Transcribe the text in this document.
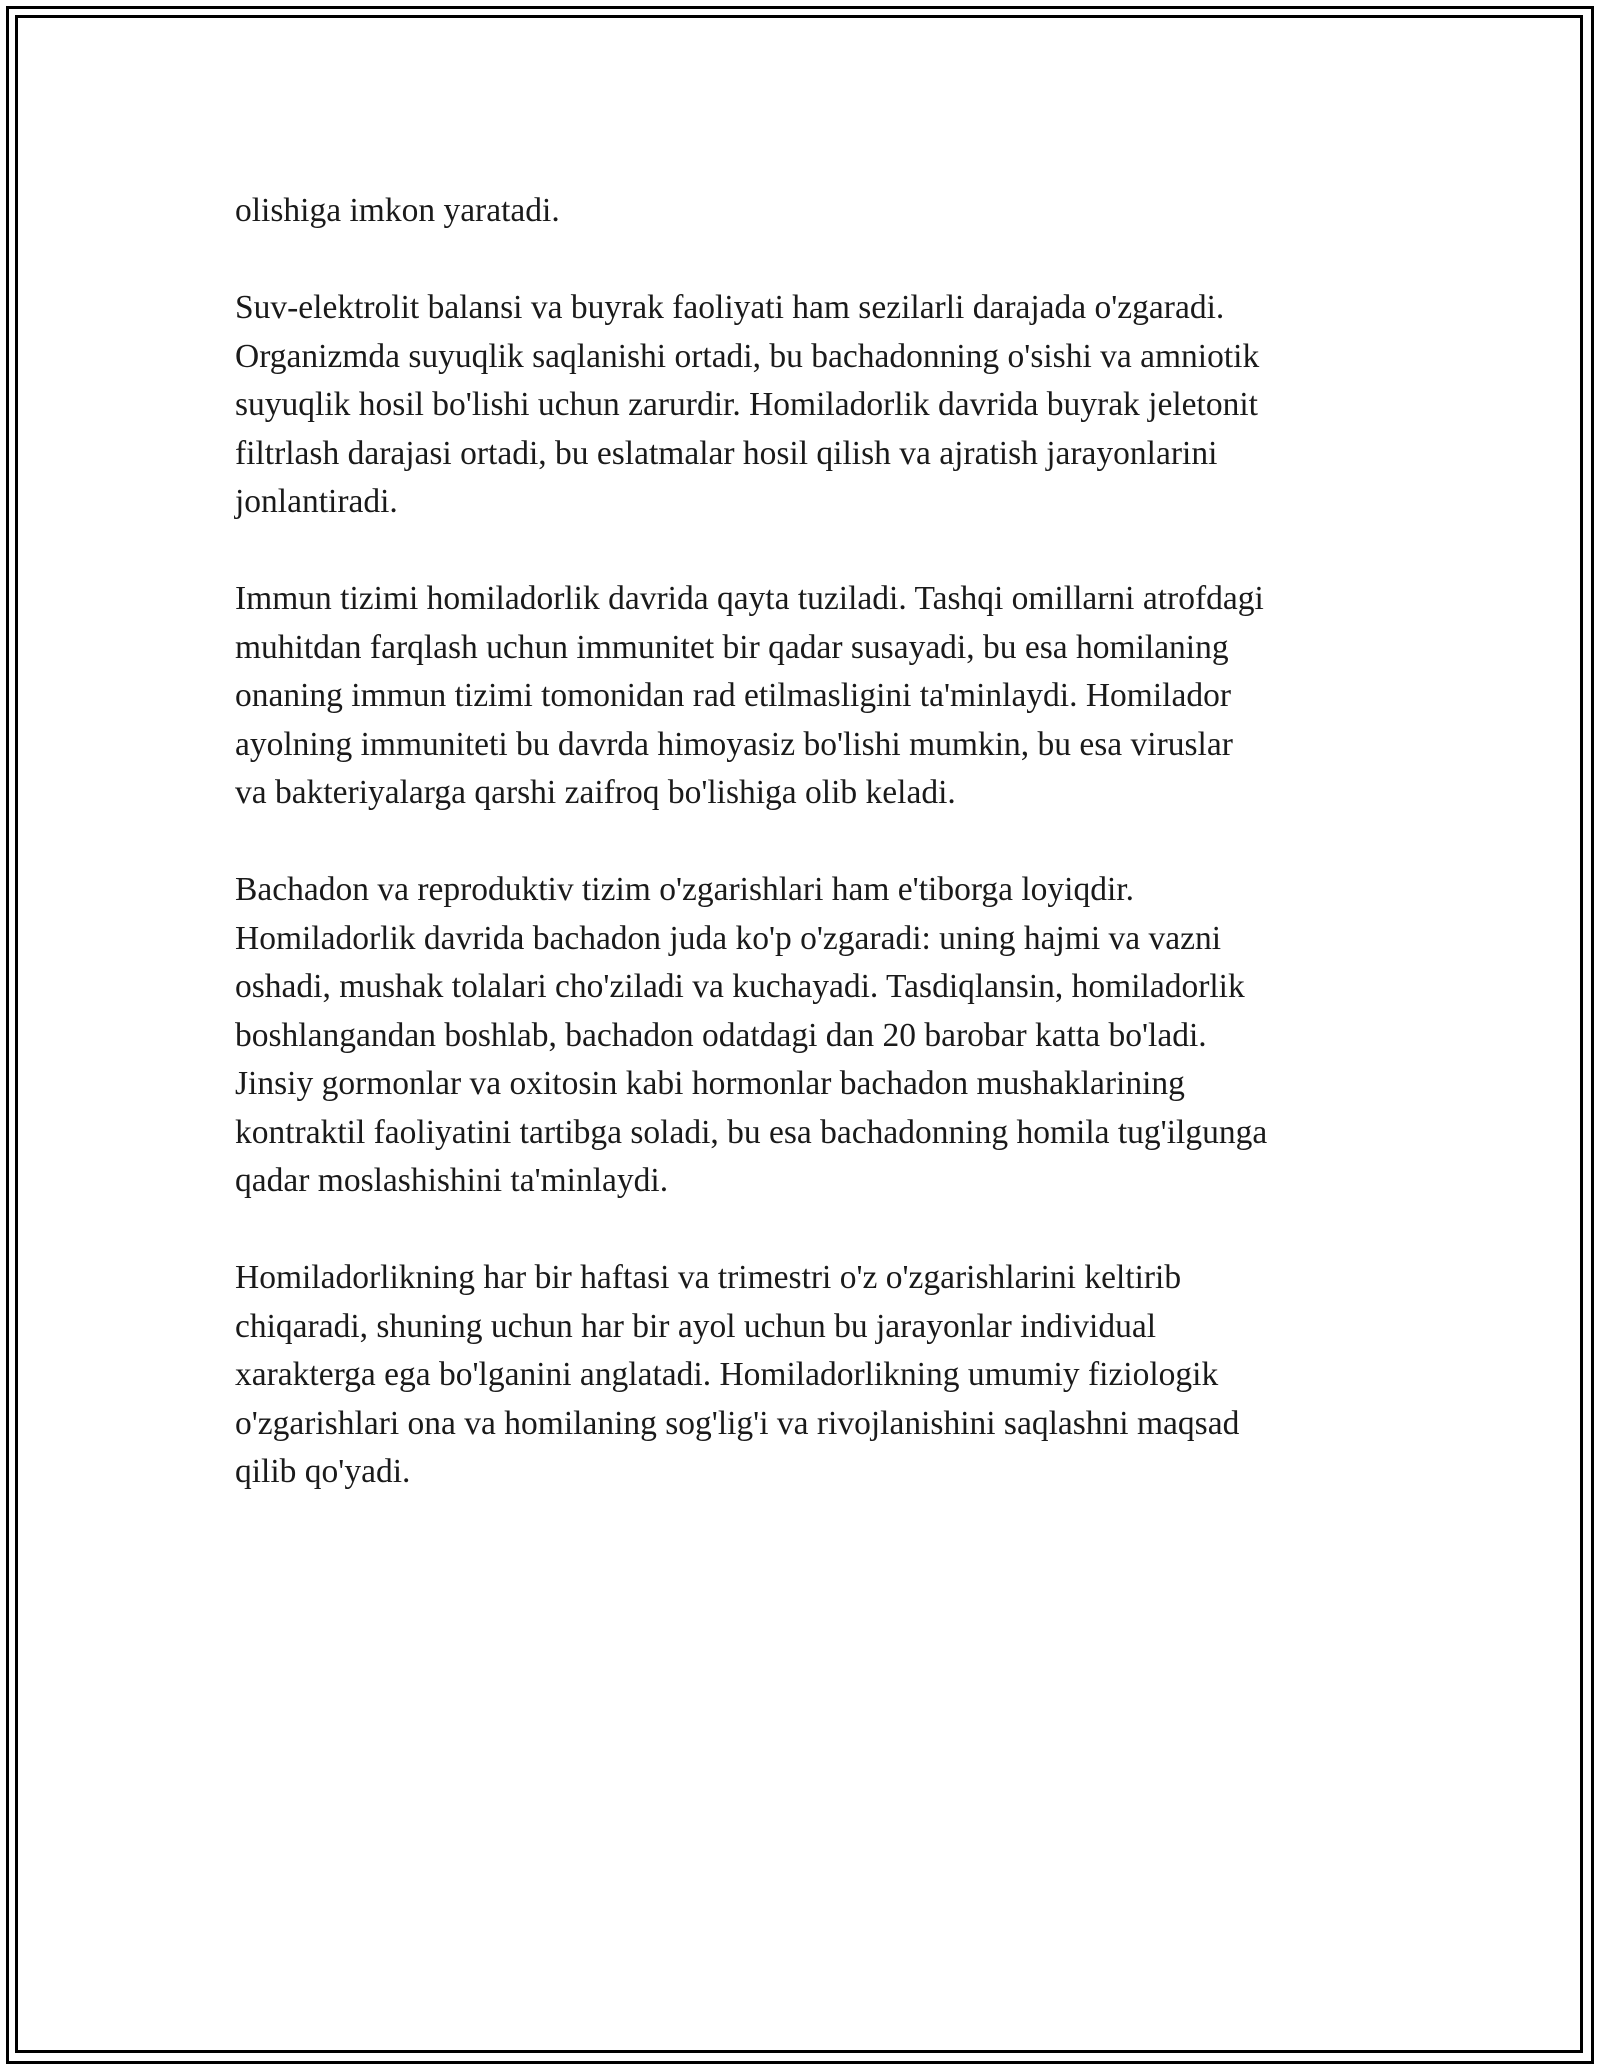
olishiga imkon yaratadi.

Suv-elektrolit balansi va buyrak faoliyati ham sezilarli darajada o'zgaradi.
Organizmda suyuqlik saqlanishi ortadi, bu bachadonning o'sishi va amniotik
suyuqlik hosil bo'lishi uchun zarurdir. Homiladorlik davrida buyrak jeletonit
filtrlash darajasi ortadi, bu eslatmalar hosil qilish va ajratish jarayonlarini
jonlantiradi.

Immun tizimi homiladorlik davrida qayta tuziladi. Tashqi omillarni atrofdagi
muhitdan farqlash uchun immunitet bir qadar susayadi, bu esa homilaning
onaning immun tizimi tomonidan rad etilmasligini ta'minlaydi. Homilador
ayolning immuniteti bu davrda himoyasiz bo'lishi mumkin, bu esa viruslar
va bakteriyalarga qarshi zaifroq bo'lishiga olib keladi.

Bachadon va reproduktiv tizim o'zgarishlari ham e'tiborga loyiqdir.
Homiladorlik davrida bachadon juda ko'p o'zgaradi: uning hajmi va vazni
oshadi, mushak tolalari cho'ziladi va kuchayadi. Tasdiqlansin, homiladorlik
boshlangandan boshlab, bachadon odatdagi dan 20 barobar katta bo'ladi.
Jinsiy gormonlar va oxitosin kabi hormonlar bachadon mushaklarining
kontraktil faoliyatini tartibga soladi, bu esa bachadonning homila tug'ilgunga
qadar moslashishini ta'minlaydi.

Homiladorlikning har bir haftasi va trimestri o'z o'zgarishlarini keltirib
chiqaradi, shuning uchun har bir ayol uchun bu jarayonlar individual
xarakterga ega bo'lganini anglatadi. Homiladorlikning umumiy fiziologik
o'zgarishlari ona va homilaning sog'lig'i va rivojlanishini saqlashni maqsad
qilib qo'yadi.
